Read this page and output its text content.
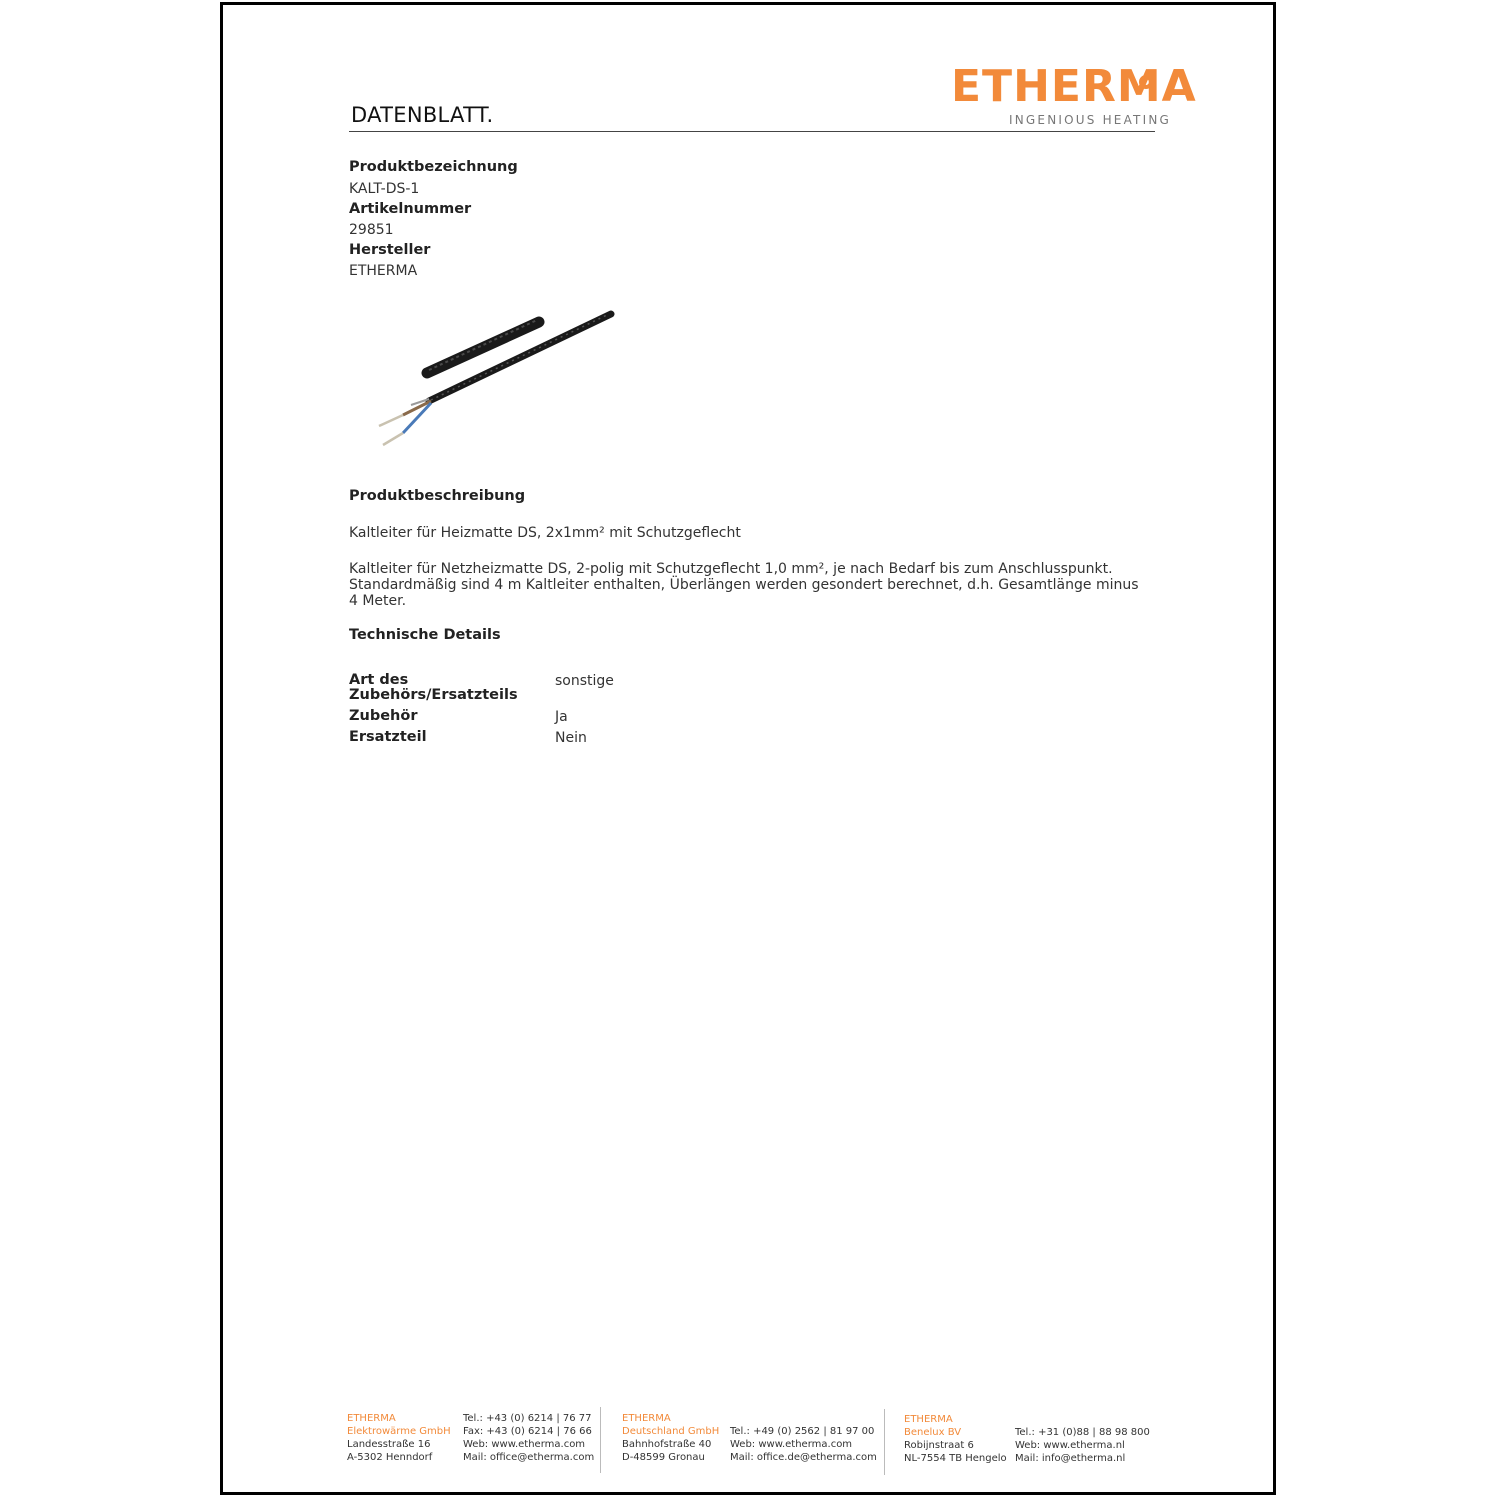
DATENBLATT.
ETHERMA
INGENIOUS HEATING
Produktbezeichnung
KALT-DS-1
Artikelnummer
29851
Hersteller
ETHERMA
Produktbeschreibung
Kaltleiter für Heizmatte DS, 2x1mm² mit Schutzgeflecht
Kaltleiter für Netzheizmatte DS, 2-polig mit Schutzgeflecht 1,0 mm², je nach Bedarf bis zum Anschlusspunkt. Standardmäßig sind 4 m Kaltleiter enthalten, Überlängen werden gesondert berechnet, d.h. Gesamtlänge minus 4 Meter.
Technische Details
Art des Zubehörs/Ersatzteils
sonstige
Zubehör	Ja
Ersatzteil	Nein
ETHERMA
Elektrowärme GmbH
Landesstraße 16
A-5302 Henndorf
Tel.: +43 (0) 6214 | 76 77
Fax: +43 (0) 6214 | 76 66
Web: www.etherma.com
Mail: office@etherma.com
ETHERMA
Deutschland GmbH
Bahnhofstraße 40
D-48599 Gronau
Tel.: +49 (0) 2562 | 81 97 00
Web: www.etherma.com
Mail: office.de@etherma.com
ETHERMA
Benelux BV
Robijnstraat 6
NL-7554 TB Hengelo
Tel.: +31 (0)88 | 88 98 800
Web: www.etherma.nl
Mail: info@etherma.nl
